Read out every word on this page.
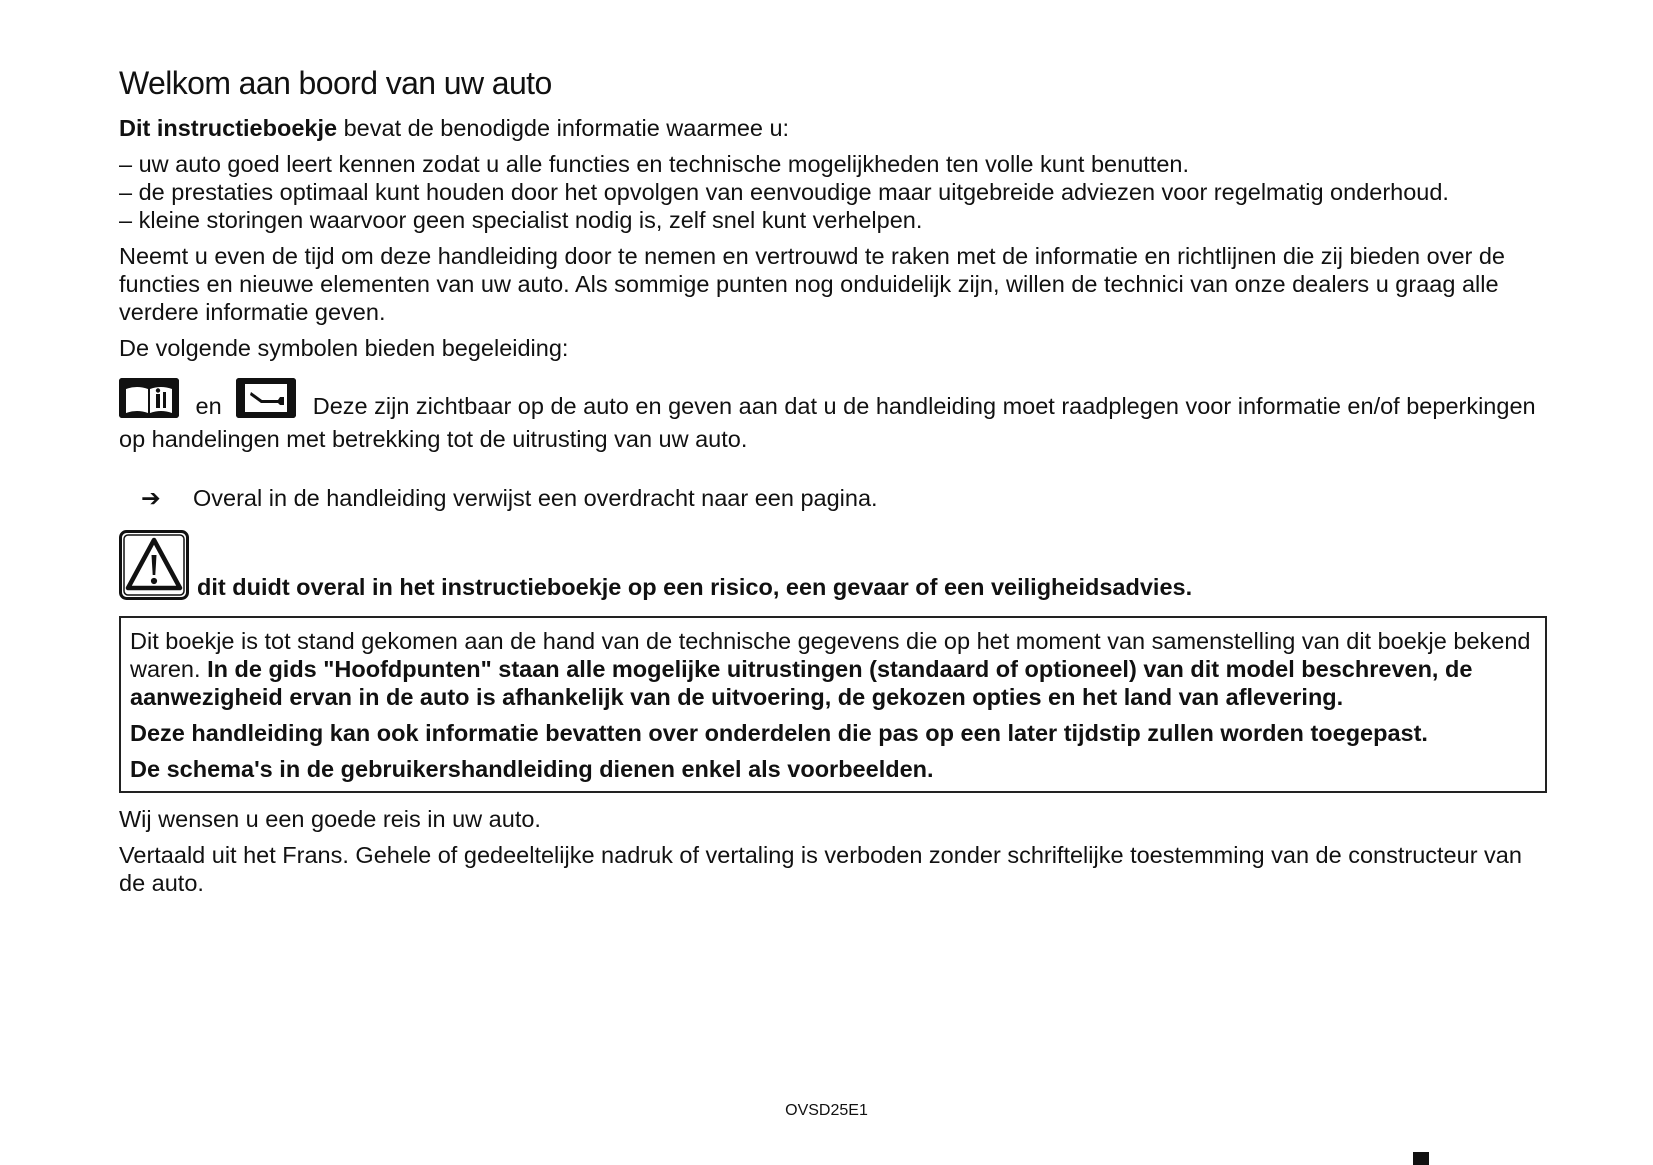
Welkom aan boord van uw auto

Dit instructieboekje bevat de benodigde informatie waarmee u:

– uw auto goed leert kennen zodat u alle functies en technische mogelijkheden ten volle kunt benutten.
– de prestaties optimaal kunt houden door het opvolgen van eenvoudige maar uitgebreide adviezen voor regelmatig onderhoud.
– kleine storingen waarvoor geen specialist nodig is, zelf snel kunt verhelpen.

Neemt u even de tijd om deze handleiding door te nemen en vertrouwd te raken met de informatie en richtlijnen die zij bieden over de functies en nieuwe elementen van uw auto. Als sommige punten nog onduidelijk zijn, willen de technici van onze dealers u graag alle verdere informatie geven.

De volgende symbolen bieden begeleiding:

en	Deze zijn zichtbaar op de auto en geven aan dat u de handleiding moet raadplegen voor informatie en/of beperkingen op handelingen met betrekking tot de uitrusting van uw auto.
➔	Overal in de handleiding verwijst een overdracht naar een pagina.

dit duidt overal in het instructieboekje op een risico, een gevaar of een veiligheidsadvies.

Dit boekje is tot stand gekomen aan de hand van de technische gegevens die op het moment van samenstelling van dit boekje bekend waren. In de gids "Hoofdpunten" staan alle mogelijke uitrustingen (standaard of optioneel) van dit model beschreven, de aanwezigheid ervan in de auto is afhankelijk van de uitvoering, de gekozen opties en het land van aflevering.

Deze handleiding kan ook informatie bevatten over onderdelen die pas op een later tijdstip zullen worden toegepast.

De schema's in de gebruikershandleiding dienen enkel als voorbeelden.

Wij wensen u een goede reis in uw auto.

Vertaald uit het Frans. Gehele of gedeeltelijke nadruk of vertaling is verboden zonder schriftelijke toestemming van de constructeur van de auto.

OVSD25E1
